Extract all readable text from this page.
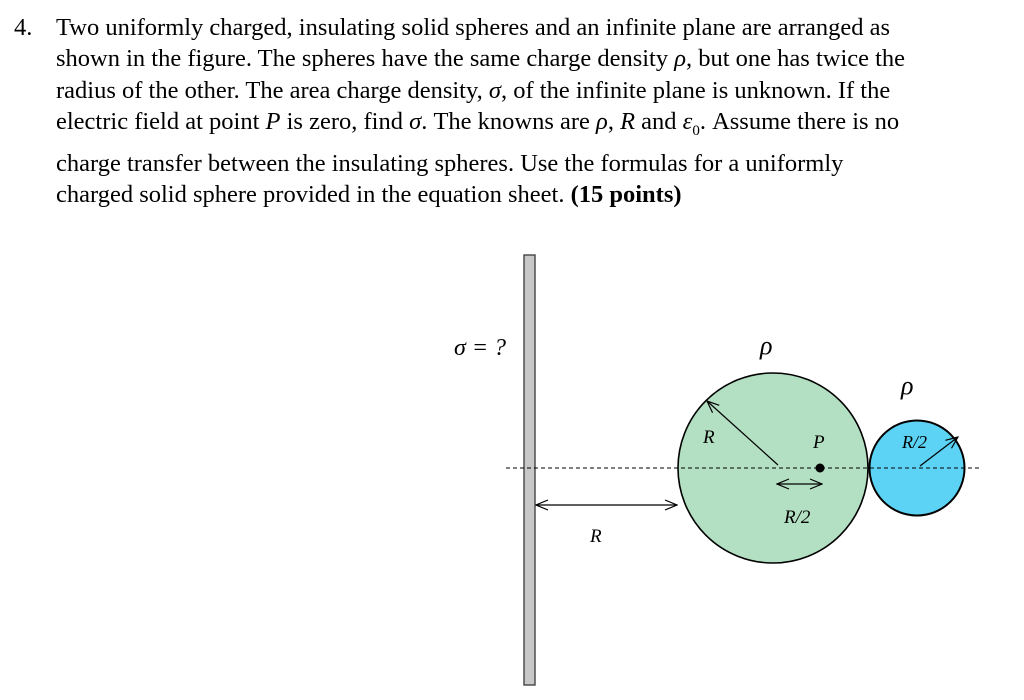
4. Two uniformly charged, insulating solid spheres and an infinite plane are arranged as
shown in the figure. The spheres have the same charge density ρ, but one has twice the
radius of the other. The area charge density, σ, of the infinite plane is unknown. If the
electric field at point P is zero, find σ. The knowns are ρ, R and $\varepsilon_0$. Assume there is no
charge transfer between the insulating spheres. Use the formulas for a uniformly
charged solid sphere provided in the equation sheet. (15 points)
σ = ?	ρ
ρ
R	R/2
P
R/2
R
